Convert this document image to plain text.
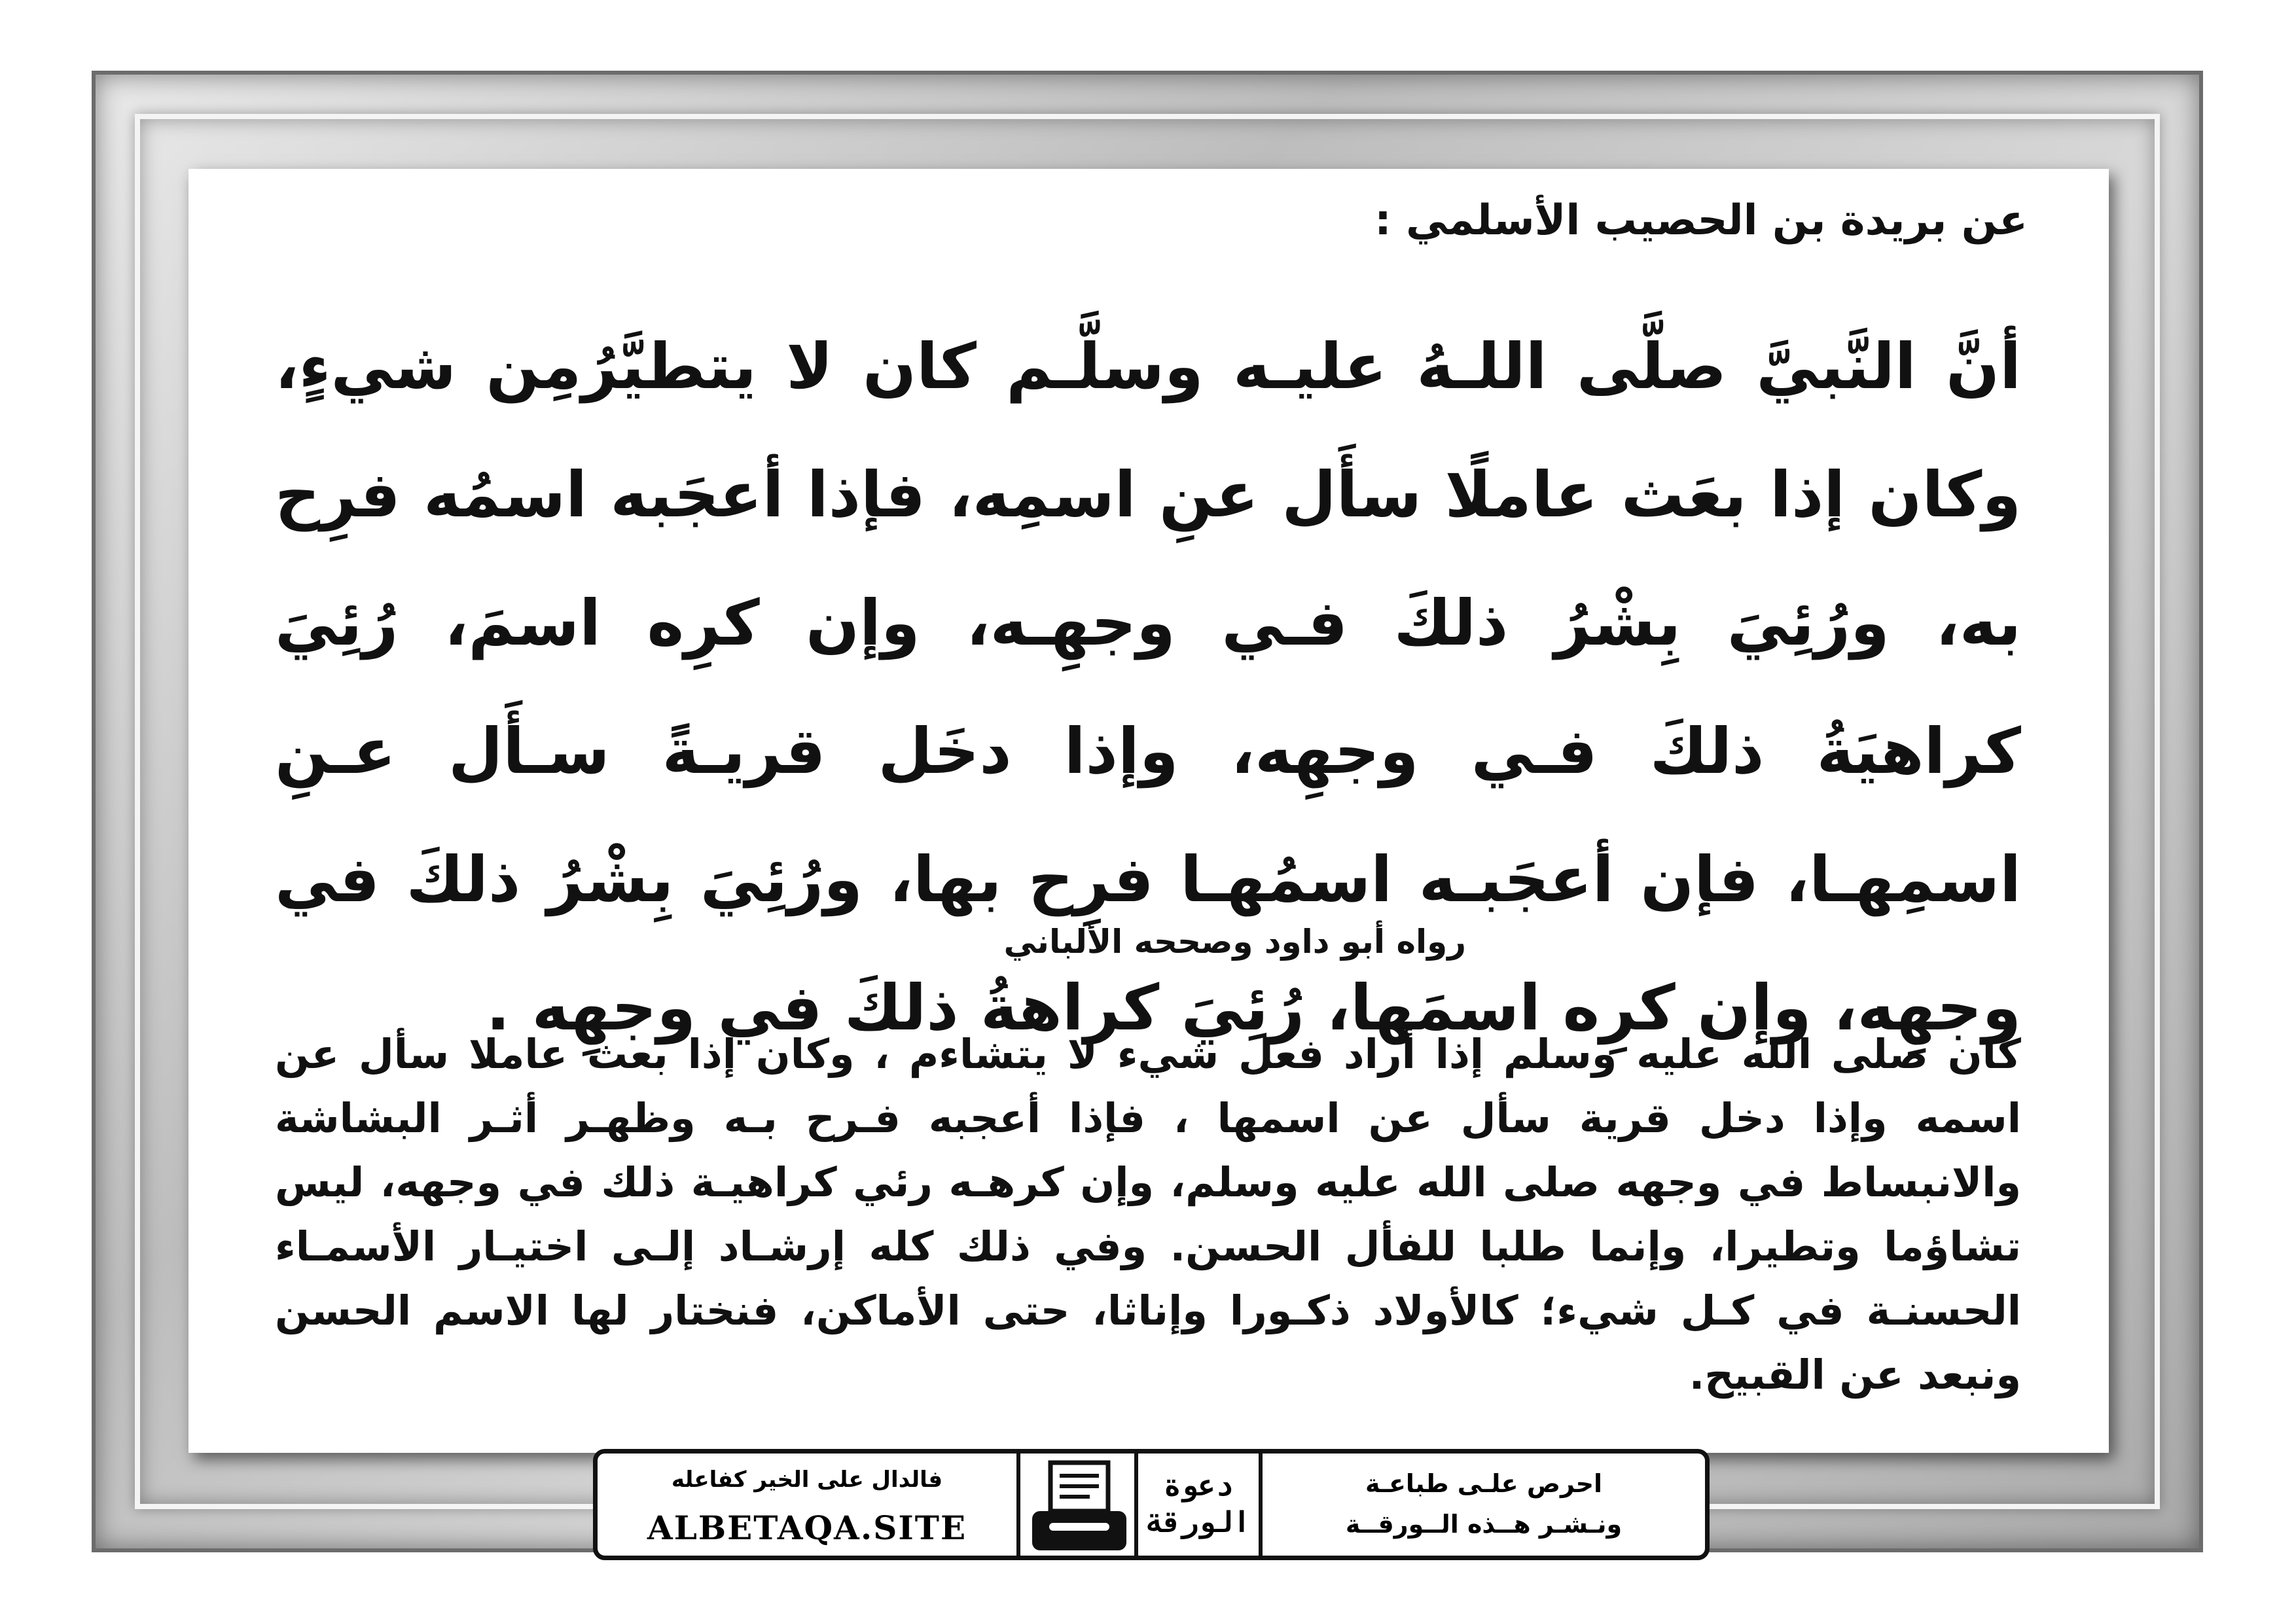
عن بريدة بن الحصيب الأسلمي :
أنَّ النَّبيَّ صلَّى اللـهُ عليـه وسلَّـم كان لا يتطيَّرُمِن شيءٍ، وكان إذا بعَث عاملًا سأَل عنِ اسمِه، فإذا أعجَبه اسمُه فرِح به، ورُئِيَ بِشْرُ ذلكَ فـي وجهِـه، وإن كرِه اسمَ، رُئِيَ كراهيَةُ ذلكَ فـي وجهِه، وإذا دخَل قريـةً سـأَل عـنِ اسمِهـا، فإن أعجَبـه اسمُهـا فرِح بها، ورُئِيَ بِشْرُ ذلكَ في وجهِه، وإن كرِه اسمَها، رُئِيَ كراهةُ ذلكَ في وجهِه .
رواه أبو داود وصححه الألباني
كان صلى الله عليه وسلم إذا أراد فعل شيء لا يتشاءم ، وكان إذا بعث عاملا سأل عن اسمه وإذا دخل قرية سأل عن اسمها ، فإذا أعجبه فـرح بـه وظهـر أثـر البشاشة والانبساط في وجهه صلى الله عليه وسلم، وإن كرهـه رئي كراهيـة ذلك في وجهه، ليس تشاؤما وتطيرا، وإنما طلبا للفأل الحسن. وفي ذلك كله إرشـاد إلـى اختيـار الأسمـاء الحسنـة في كـل شيء؛ كالأولاد ذكـورا وإناثا، حتى الأماكن، فنختار لها الاسم الحسن ونبعد عن القبيح.
فالدال على الخير كفاعله
ALBETAQA.SITE
دعوة الورقة
احرص علـى طباعـة
ونـشـر هــذه الــورقــة
